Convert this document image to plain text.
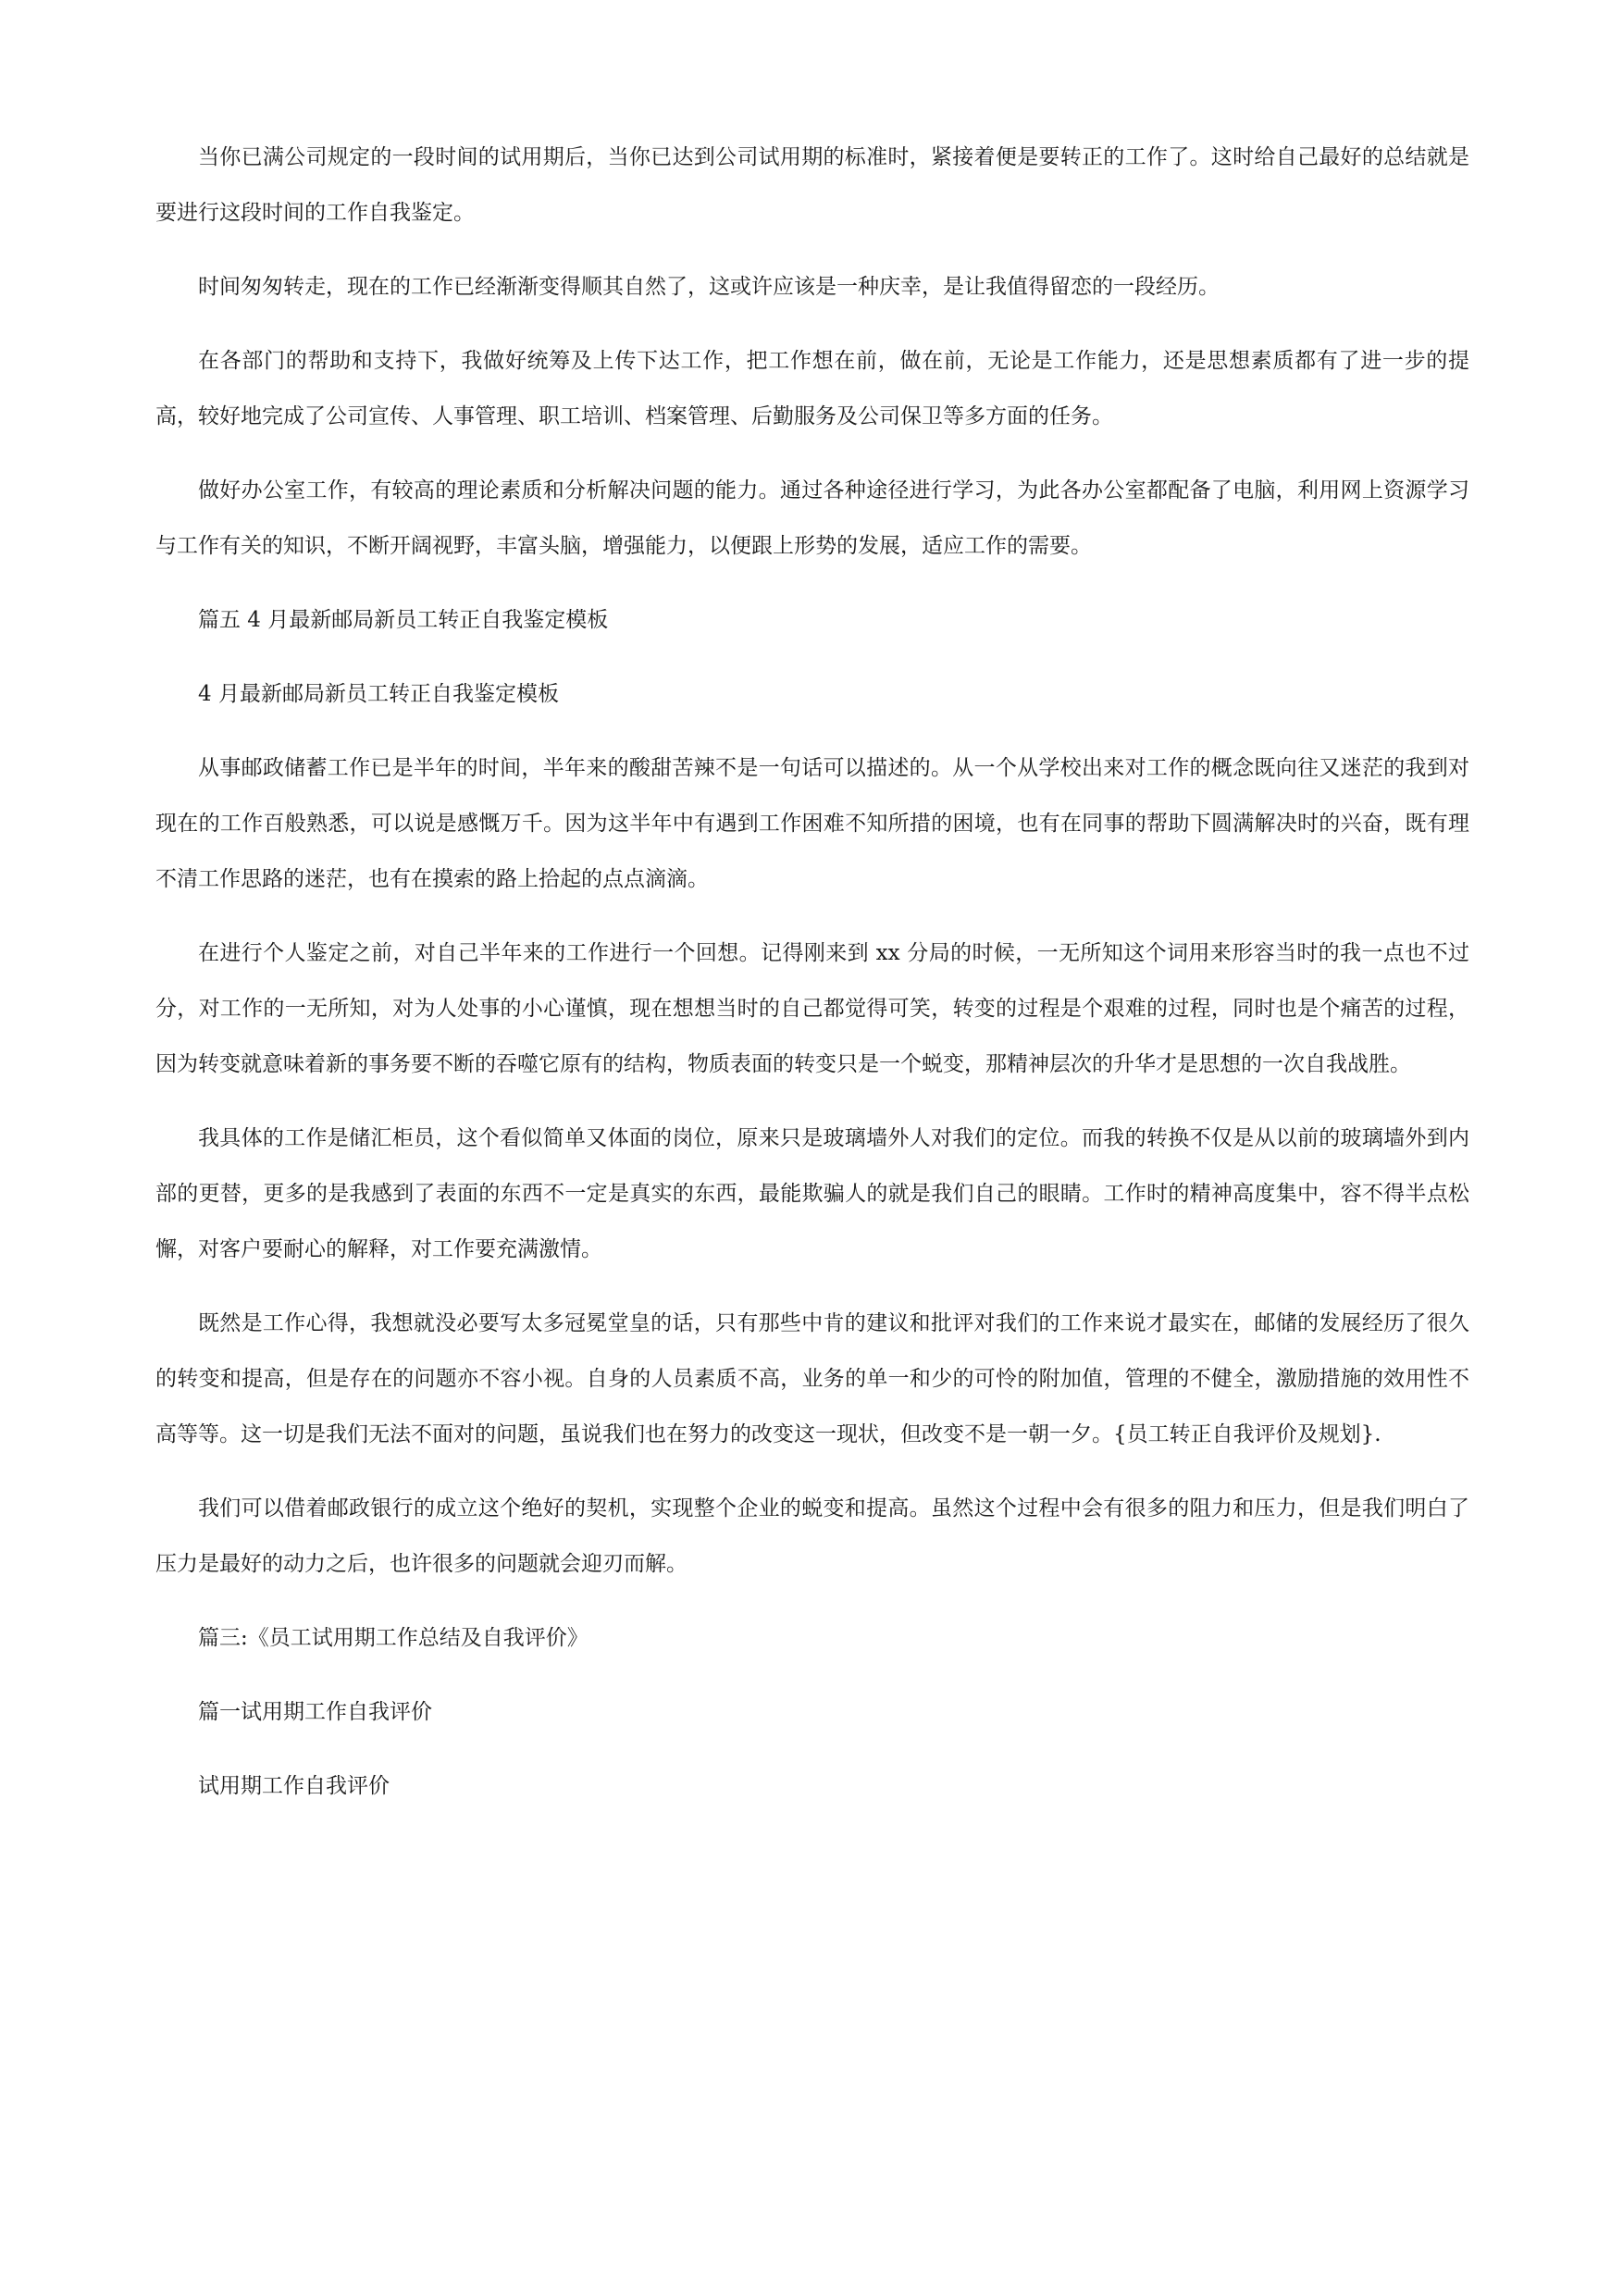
当你已满公司规定的一段时间的试用期后，当你已达到公司试用期的标准时，紧接着便是要转正的工作了。这时给自己最好的总结就是要进行这段时间的工作自我鉴定。

时间匆匆转走，现在的工作已经渐渐变得顺其自然了，这或许应该是一种庆幸，是让我值得留恋的一段经历。

在各部门的帮助和支持下，我做好统筹及上传下达工作，把工作想在前，做在前，无论是工作能力，还是思想素质都有了进一步的提高，较好地完成了公司宣传、人事管理、职工培训、档案管理、后勤服务及公司保卫等多方面的任务。

做好办公室工作，有较高的理论素质和分析解决问题的能力。通过各种途径进行学习，为此各办公室都配备了电脑，利用网上资源学习与工作有关的知识，不断开阔视野，丰富头脑，增强能力，以便跟上形势的发展，适应工作的需要。

篇五 4 月最新邮局新员工转正自我鉴定模板

4 月最新邮局新员工转正自我鉴定模板

从事邮政储蓄工作已是半年的时间，半年来的酸甜苦辣不是一句话可以描述的。从一个从学校出来对工作的概念既向往又迷茫的我到对现在的工作百般熟悉，可以说是感慨万千。因为这半年中有遇到工作困难不知所措的困境，也有在同事的帮助下圆满解决时的兴奋，既有理不清工作思路的迷茫，也有在摸索的路上拾起的点点滴滴。

在进行个人鉴定之前，对自己半年来的工作进行一个回想。记得刚来到 xx 分局的时候，一无所知这个词用来形容当时的我一点也不过分，对工作的一无所知，对为人处事的小心谨慎，现在想想当时的自己都觉得可笑，转变的过程是个艰难的过程，同时也是个痛苦的过程，因为转变就意味着新的事务要不断的吞噬它原有的结构，物质表面的转变只是一个蜕变，那精神层次的升华才是思想的一次自我战胜。

我具体的工作是储汇柜员，这个看似简单又体面的岗位，原来只是玻璃墙外人对我们的定位。而我的转换不仅是从以前的玻璃墙外到内部的更替，更多的是我感到了表面的东西不一定是真实的东西，最能欺骗人的就是我们自己的眼睛。工作时的精神高度集中，容不得半点松懈，对客户要耐心的解释，对工作要充满激情。

既然是工作心得，我想就没必要写太多冠冕堂皇的话，只有那些中肯的建议和批评对我们的工作来说才最实在，邮储的发展经历了很久的转变和提高，但是存在的问题亦不容小视。自身的人员素质不高，业务的单一和少的可怜的附加值，管理的不健全，激励措施的效用性不高等等。这一切是我们无法不面对的问题，虽说我们也在努力的改变这一现状，但改变不是一朝一夕。{员工转正自我评价及规划}.

我们可以借着邮政银行的成立这个绝好的契机，实现整个企业的蜕变和提高。虽然这个过程中会有很多的阻力和压力，但是我们明白了压力是最好的动力之后，也许很多的问题就会迎刃而解。

篇三:《员工试用期工作总结及自我评价》

篇一试用期工作自我评价

试用期工作自我评价
